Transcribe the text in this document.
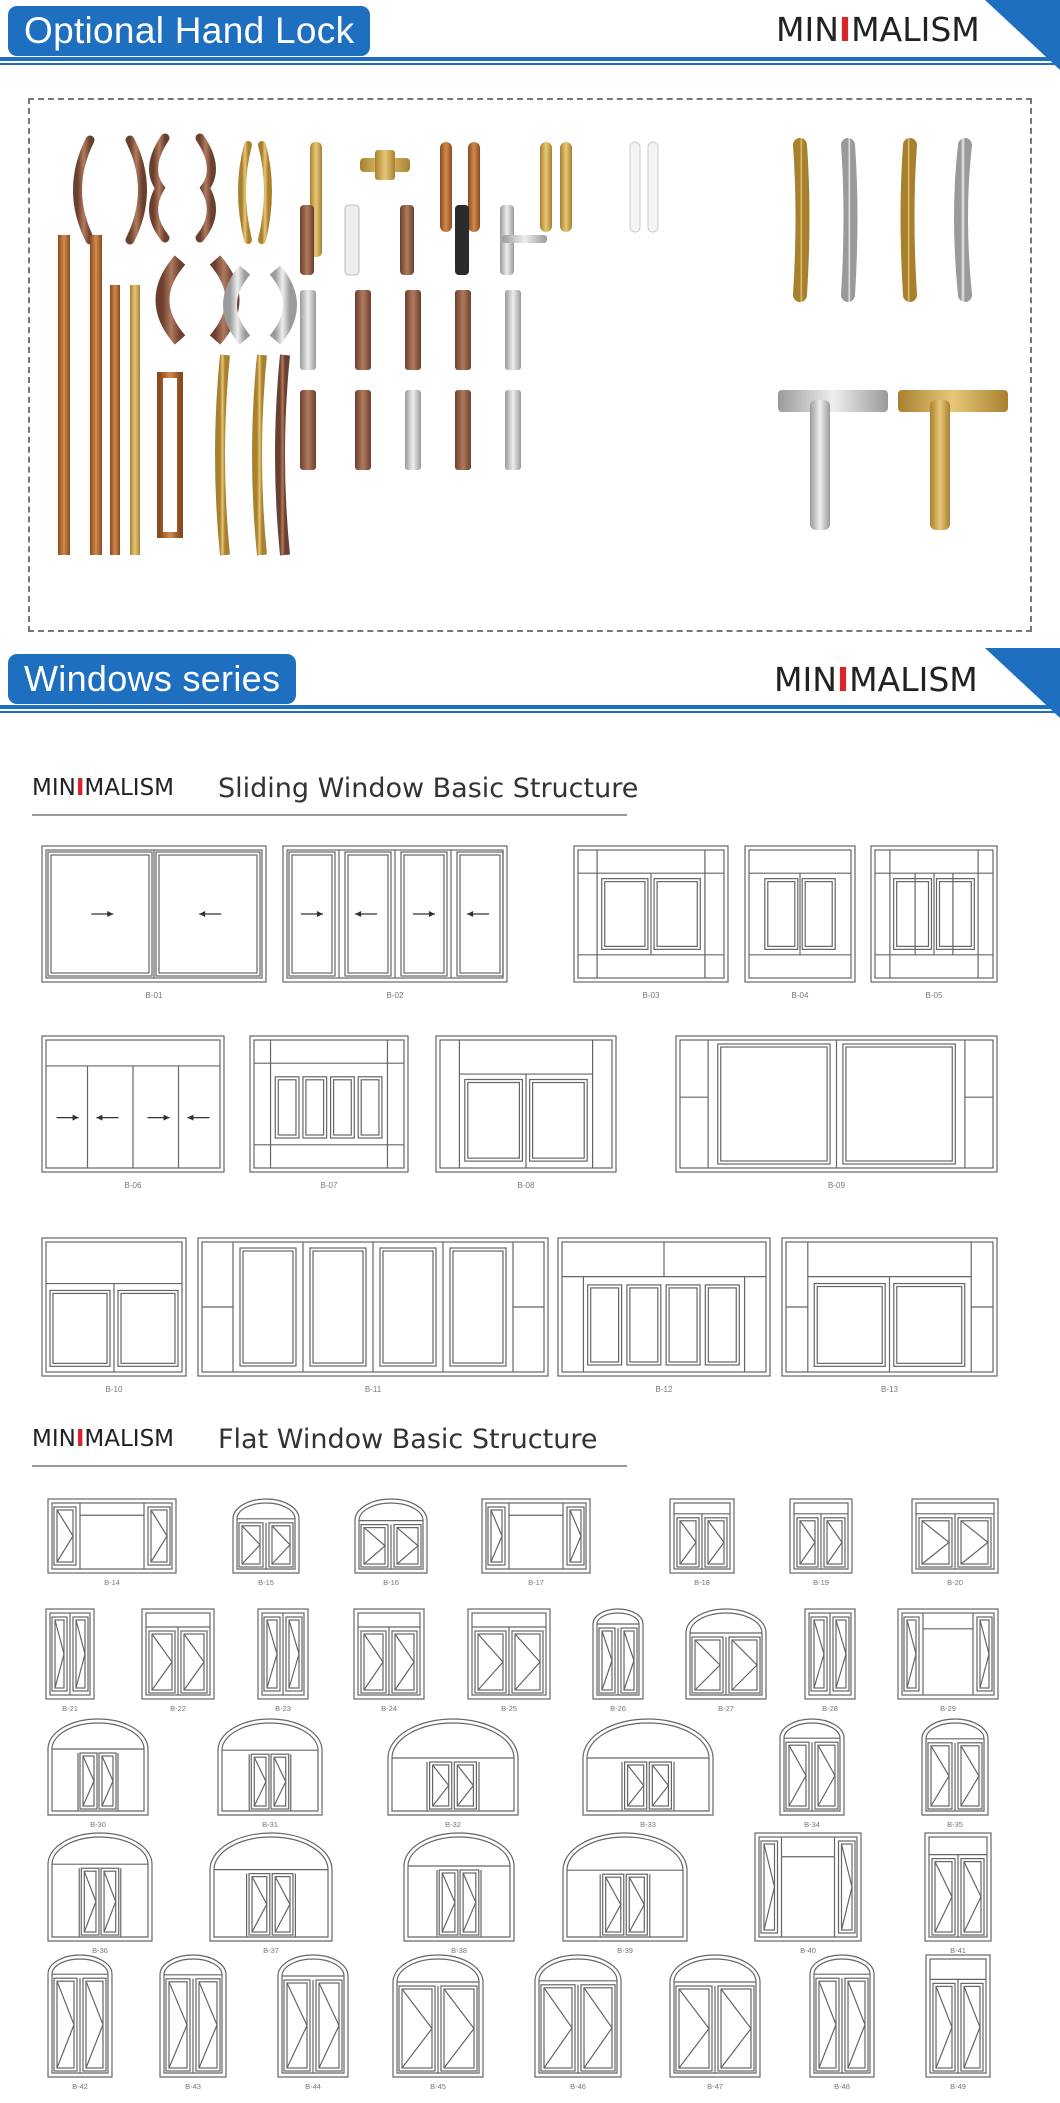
Optional Hand Lock	MINIMALISM
Windows series	MINIMALISM
MINIMALISM Sliding Window Basic Structure
B-01	B-02	B-03	B-04	B-05
B-06	B-07	B-08	B-09
B-10	B-11	B-12	B-13
MINIMALISM Flat Window Basic Structure
B-14	B-15	B-16	B-17	B-18	B-19	B-20
B-21	B-22	B-23	B-24	B-25	B-26	B-27	B-28	B-29
B-30	B-31	B-32	B-33	B-34	B-35
B-36	B-37	B-38	B-39	B-40	B-41
B-42	B-43	B-44	B-45	B-46	B-47	B-48	B-49
